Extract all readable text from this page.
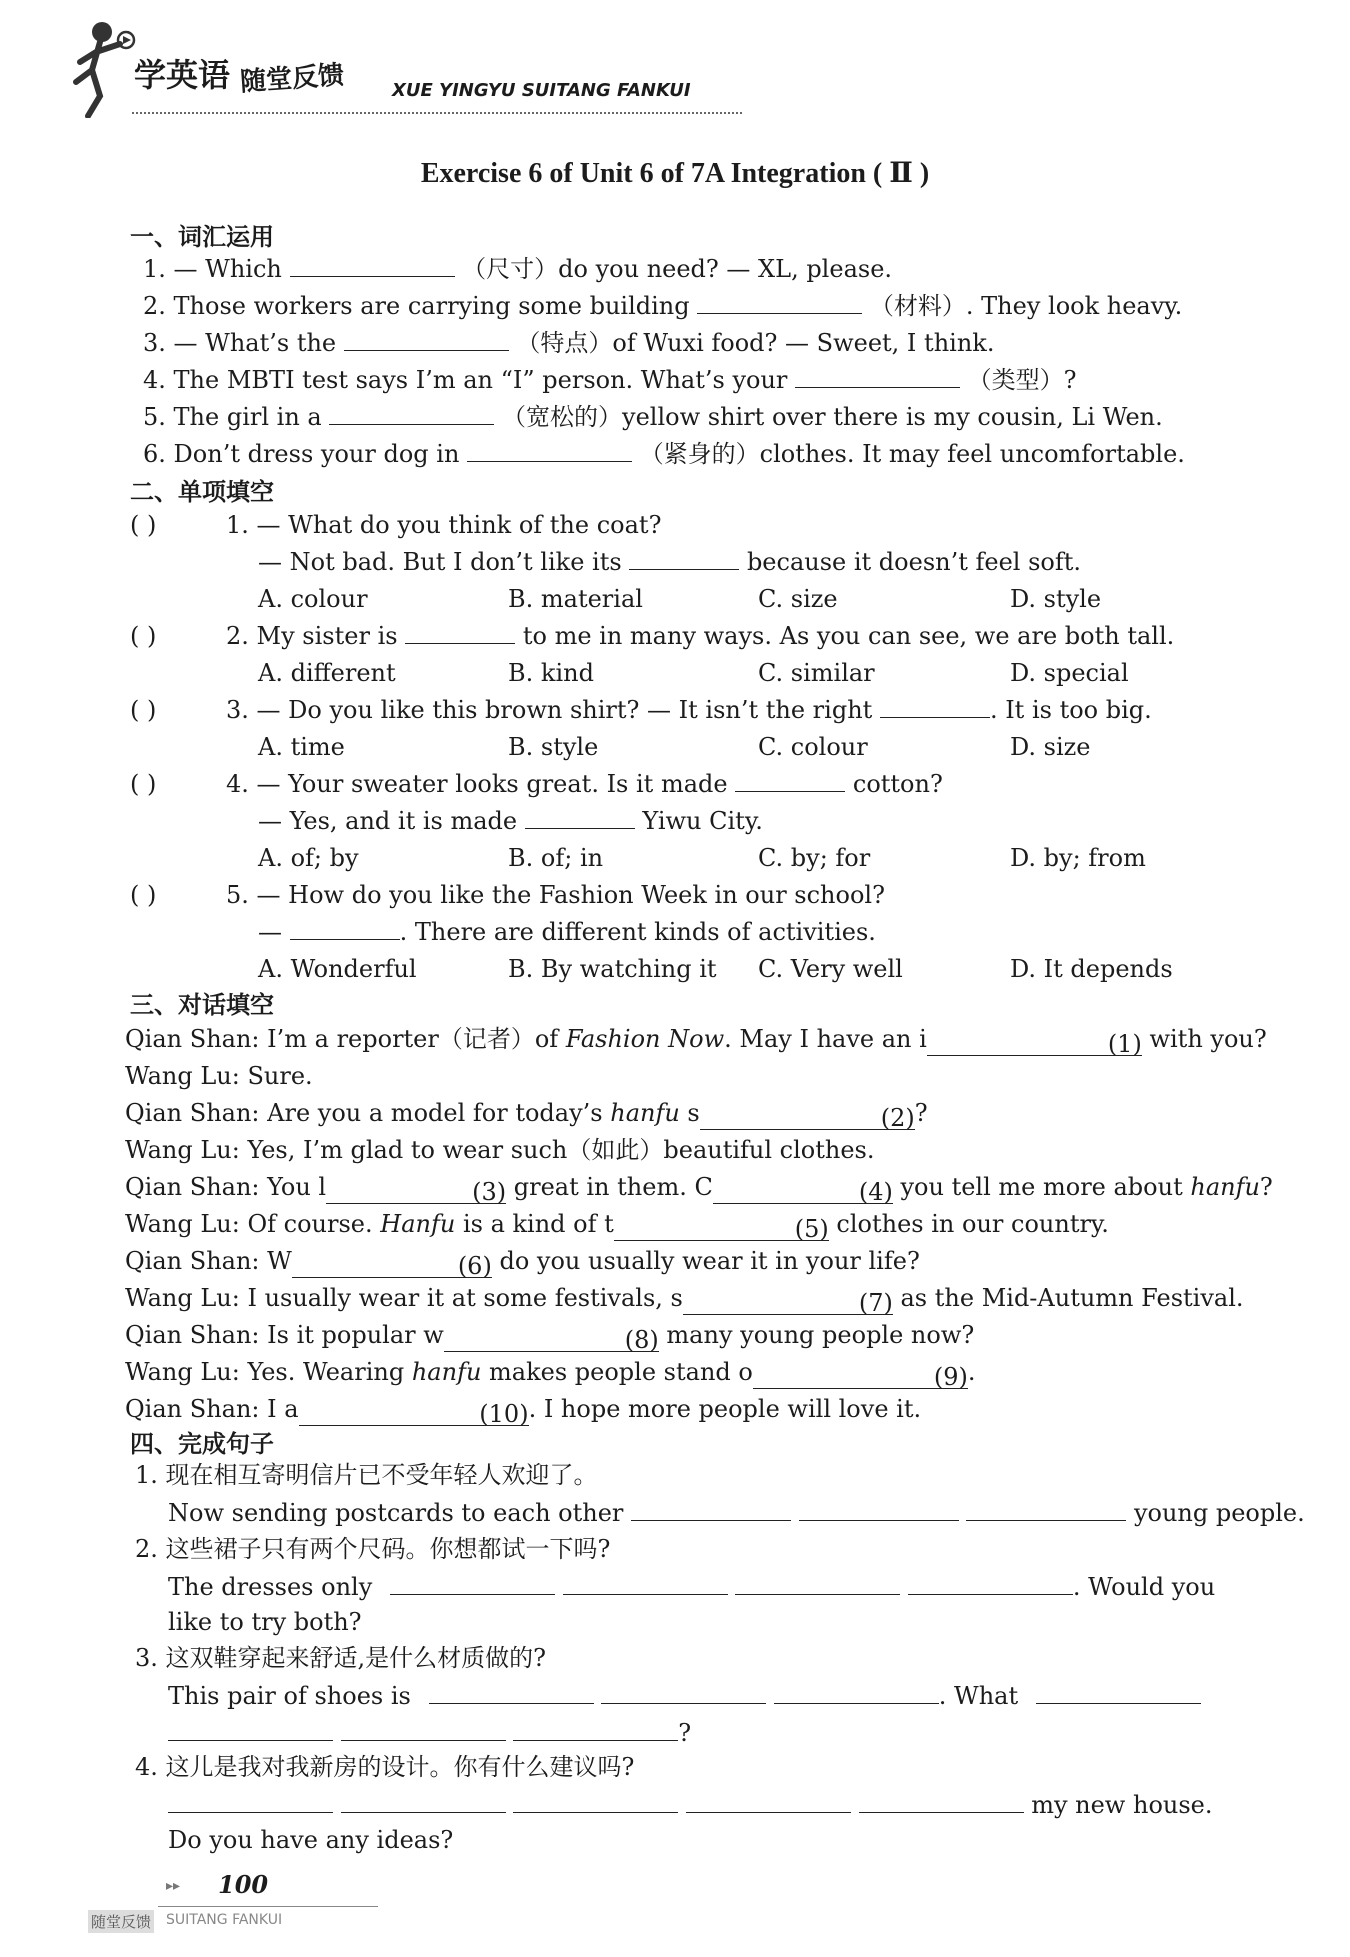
学英语 随堂反馈	XUE YINGYU SUITANG FANKUI
Exercise 6 of Unit 6 of 7A Integration ( Ⅱ )
一、词汇运用
1. — Which	（尺寸）do you need? — XL, please.
2. Those workers are carrying some building	（材料）. They look heavy.
3. — What’s the	（特点）of Wuxi food? — Sweet, I think.
4. The MBTI test says I’m an “I” person. What’s your	（类型）?
5. The girl in a	（宽松的）yellow shirt over there is my cousin, Li Wen.
6. Don’t dress your dog in	（紧身的）clothes. It may feel uncomfortable.
二、单项填空
( )	1. — What do you think of the coat?
— Not bad. But I don’t like its	because it doesn’t feel soft.
A. colour	B. material	C. size	D. style
( )	2. My sister is	to me in many ways. As you can see, we are both tall.
A. different	B. kind	C. similar	D. special
( )	3. — Do you like this brown shirt? — It isn’t the right	. It is too big.
A. time	B. style	C. colour	D. size
( )	4. — Your sweater looks great. Is it made	cotton?
— Yes, and it is made	Yiwu City.
A. of; by	B. of; in	C. by; for	D. by; from
( )	5. — How do you like the Fashion Week in our school?
—	. There are different kinds of activities.
A. Wonderful	B. By watching it C. Very well	D. It depends
三、对话填空
Qian Shan: I’m a reporter（记者）of Fashion Now. May I have an i	(1) with you?
Wang Lu: Sure.
Qian Shan: Are you a model for today’s hanfu s	(2)?
Wang Lu: Yes, I’m glad to wear such（如此）beautiful clothes.
Qian Shan: You l	(3) great in them. C	(4) you tell me more about hanfu?
Wang Lu: Of course. Hanfu is a kind of t	(5) clothes in our country.
Qian Shan: W	(6) do you usually wear it in your life?
Wang Lu: I usually wear it at some festivals, s	(7) as the Mid-Autumn Festival.
Qian Shan: Is it popular w	(8) many young people now?
Wang Lu: Yes. Wearing hanfu makes people stand o	(9).
Qian Shan: I a	(10). I hope more people will love it.
四、完成句子
1. 现在相互寄明信片已不受年轻人欢迎了。
Now sending postcards to each other	young people.
2. 这些裙子只有两个尺码。你想都试一下吗?
The dresses only	. Would you
like to try both?
3. 这双鞋穿起来舒适,是什么材质做的?
This pair of shoes is	. What
?
4. 这儿是我对我新房的设计。你有什么建议吗?
my new house.
Do you have any ideas?
▸▸ 100
随堂反馈 SUITANG FANKUI
